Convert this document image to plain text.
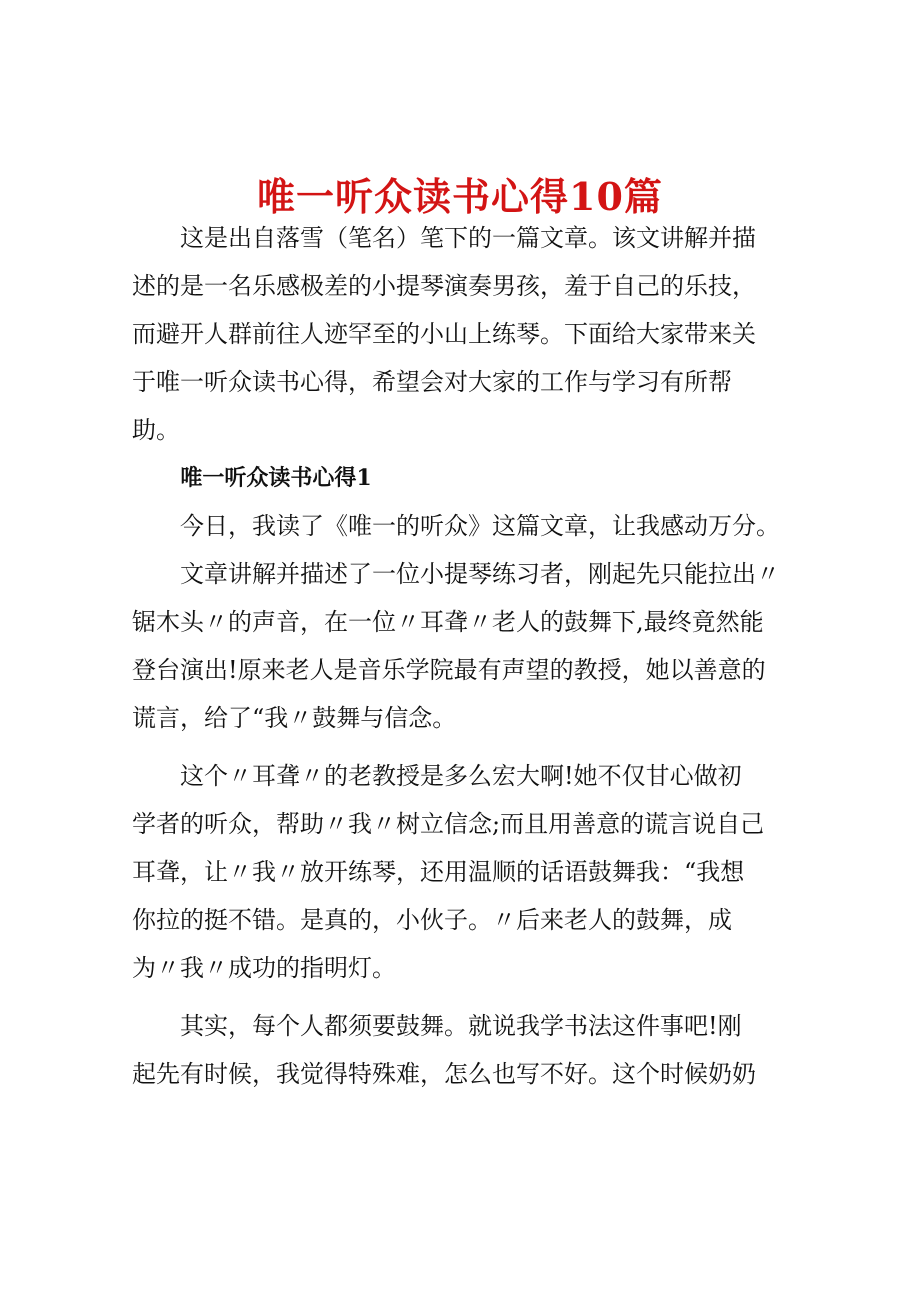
唯一听众读书心得10篇

这是出自落雪（笔名）笔下的一篇文章。该文讲解并描
述的是一名乐感极差的小提琴演奏男孩，羞于自己的乐技，
而避开人群前往人迹罕至的小山上练琴。下面给大家带来关
于唯一听众读书心得，希望会对大家的工作与学习有所帮
助。

唯一听众读书心得1

今日，我读了《唯一的听众》这篇文章，让我感动万分。

文章讲解并描述了一位小提琴练习者，刚起先只能拉出〃
锯木头〃的声音，在一位〃耳聋〃老人的鼓舞下,最终竟然能
登台演出!原来老人是音乐学院最有声望的教授，她以善意的
谎言，给了“我〃鼓舞与信念。

这个〃耳聋〃的老教授是多么宏大啊!她不仅甘心做初
学者的听众，帮助〃我〃树立信念;而且用善意的谎言说自己
耳聋，让〃我〃放开练琴，还用温顺的话语鼓舞我：“我想
你拉的挺不错。是真的，小伙子。〃后来老人的鼓舞，成
为〃我〃成功的指明灯。

其实，每个人都须要鼓舞。就说我学书法这件事吧!刚
起先有时候，我觉得特殊难，怎么也写不好。这个时候奶奶
